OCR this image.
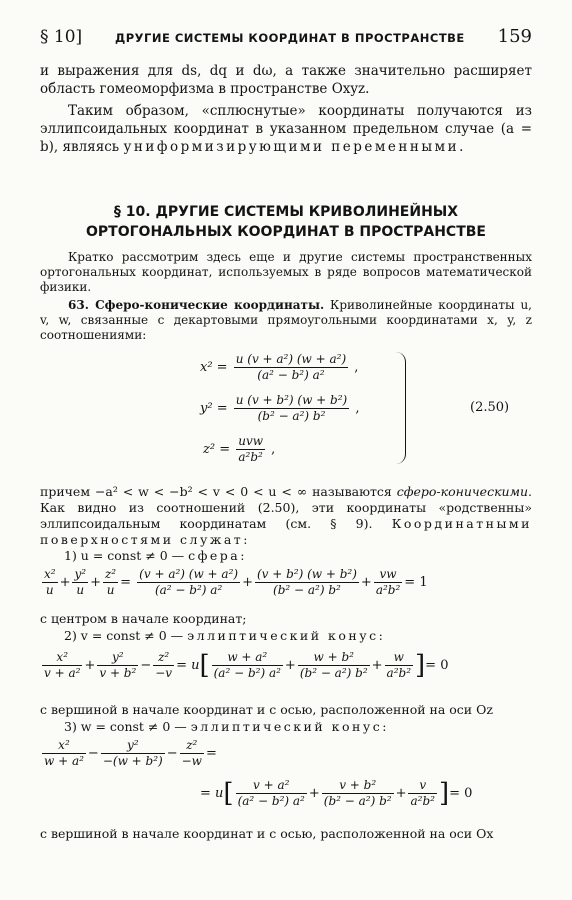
§ 10]	ДРУГИЕ СИСТЕМЫ КООРДИНАТ В ПРОСТРАНСТВЕ 159
и выражения для ds, dq и dω, а также значительно расширяет область гомеоморфизма в пространстве Oxyz.
Таким образом, «сплюснутые» координаты получаются из эллипсоидальных координат в указанном предельном случае (a = b), являясь униформизирующими переменными.
§ 10. ДРУГИЕ СИСТЕМЫ КРИВОЛИНЕЙНЫХ
ОРТОГОНАЛЬНЫХ КООРДИНАТ В ПРОСТРАНСТВЕ
Кратко рассмотрим здесь еще и другие системы пространственных ортогональных координат, используемых в ряде вопросов математической физики.
63. Сферо-конические координаты. Криволинейные координаты u, v, w, связанные с декартовыми прямоугольными координатами x, y, z соотношениями:
$x^2 = \frac{\text{u (v + a²) (w + a²)}}{\text{(a² − b²) a²}}$ ,
$y^2 = \frac{\text{u (v + b²) (w + b²)}}{\text{(b² − a²) b²}}$ ,
$z^2 = \frac{\text{uvw}}{\text{a²b²}}$ ,
(2.50)
причем −a² < w < −b² < v < 0 < u < ∞ называются сферо-коническими. Как видно из соотношений (2.50), эти координаты «родственны» эллипсоидальным координатам (см. § 9). Координатными поверхностями служат:
1) u = const ≠ 0 — сфера:
$\frac{\text{x²}}{u} + \frac{\text{y²}}{u} + \frac{\text{z²}}{u} = \frac{\text{(v + a²) (w + a²)}}{\text{(a² − b²) a²}} + \frac{\text{(v + b²) (w + b²)}}{\text{(b² − a²) b²}} + \frac{vw}{\text{a²b²}} = 1$
с центром в начале координат;
2) v = const ≠ 0 — эллиптический конус:
$\frac{\text{x²}}{\text{v + a²}} + \frac{\text{y²}}{\text{v + b²}} - \frac{\text{z²}}{-v} = u[ \frac{\text{w + a²}}{\text{(a² − b²) a²}} + \frac{\text{w + b²}}{\text{(b² − a²) b²}} + \frac{w}{\text{a²b²}}$ ]= 0
с вершиной в начале координат и с осью, расположенной на оси Oz
3) w = const ≠ 0 — эллиптический конус:
$\frac{\text{x²}}{\text{w + a²}} - \frac{\text{y²}}{\text{−(w + b²)}} - \frac{\text{z²}}{-w}$ =
= $u[ \frac{\text{v + a²}}{\text{(a² − b²) a²}} + \frac{\text{v + b²}}{\text{(b² − a²) b²}} + \frac{v}{\text{a²b²}}$ ]= 0
с вершиной в начале координат и с осью, расположенной на оси Ox
